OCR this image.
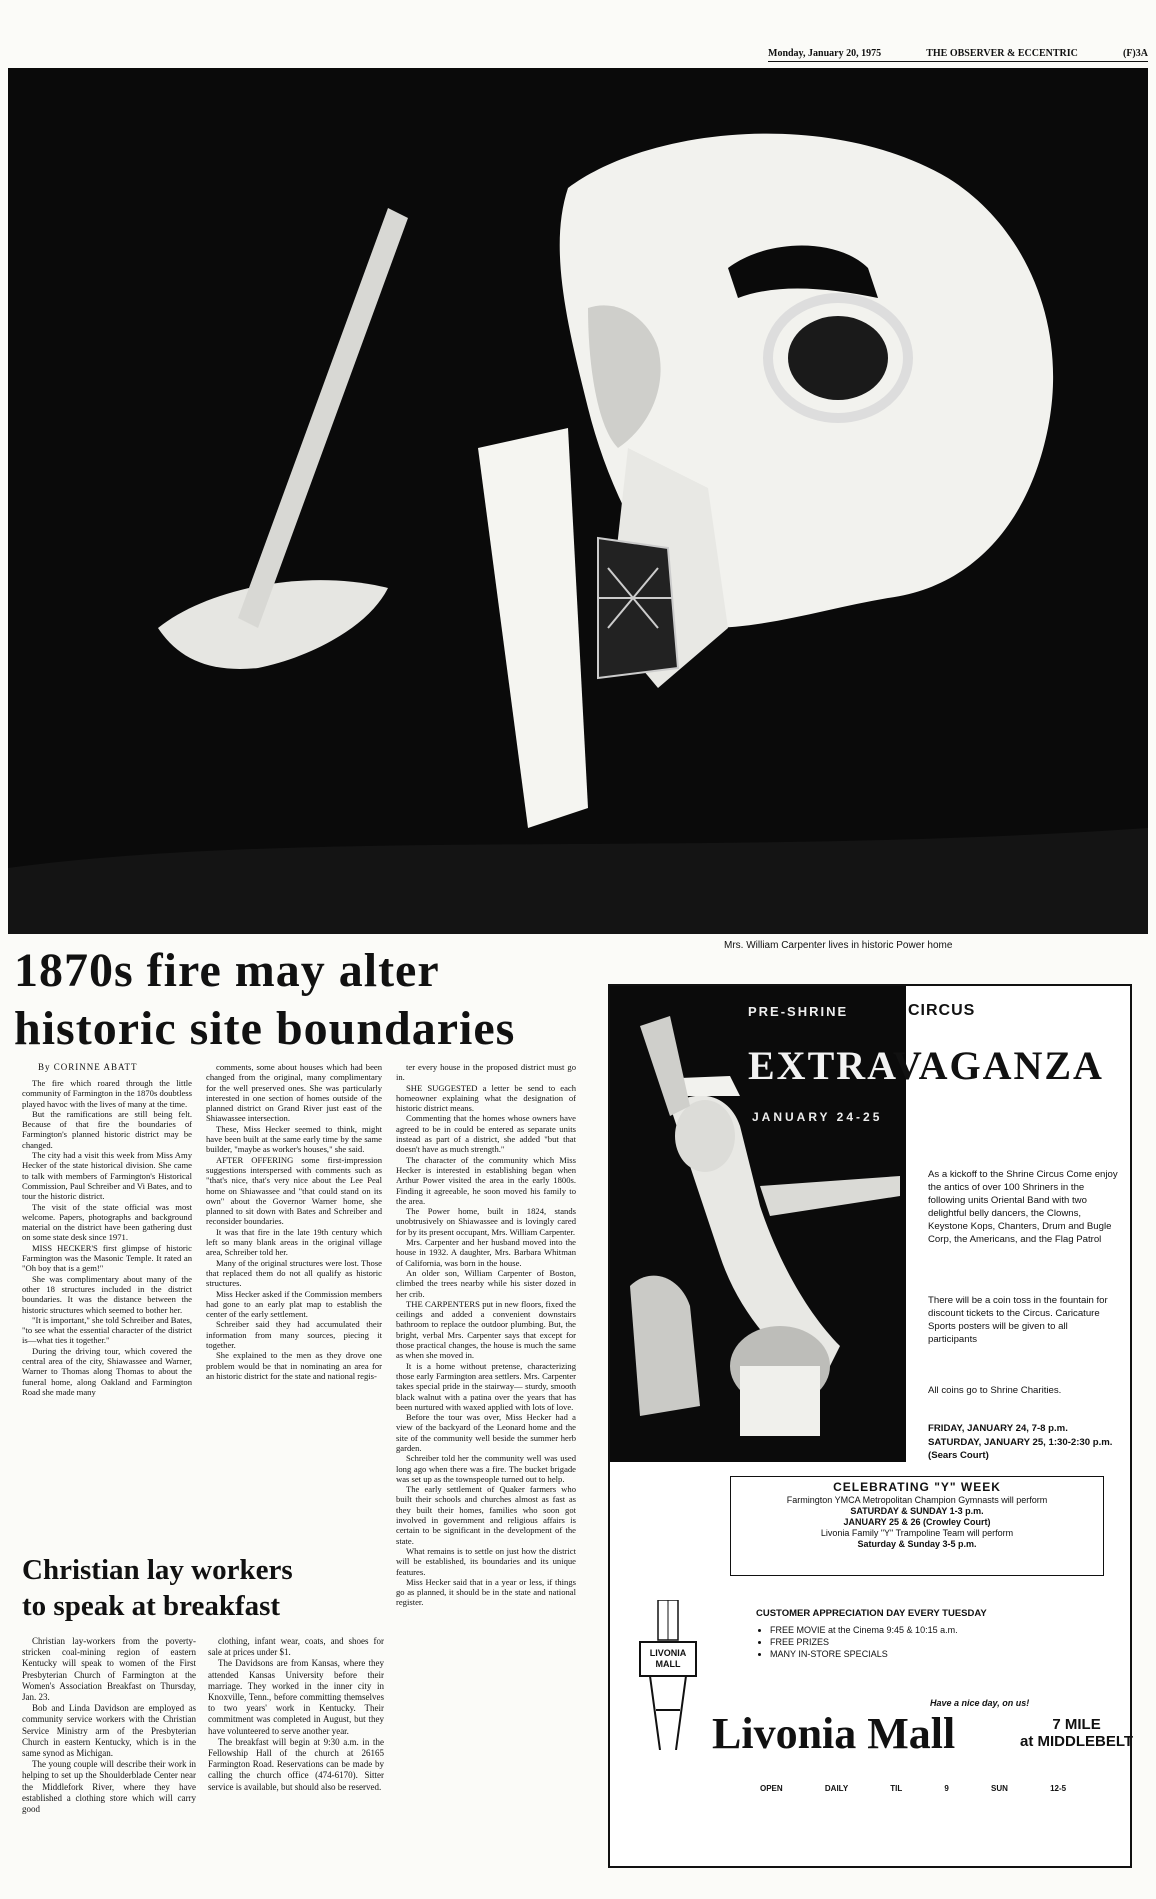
Monday, January 20, 1975	THE OBSERVER & ECCENTRIC	(F)3A
Mrs. William Carpenter lives in historic Power home
1870s fire may alter
historic site boundaries
By CORINNE ABATT

The fire which roared through the little community of Farmington in the 1870s doubtless played havoc with the lives of many at the time.

But the ramifications are still being felt. Because of that fire the boundaries of Farmington's planned historic district may be changed.

The city had a visit this week from Miss Amy Hecker of the state historical division. She came to talk with members of Farmington's Historical Commission, Paul Schreiber and Vi Bates, and to tour the historic district.

The visit of the state official was most welcome. Papers, photographs and background material on the district have been gathering dust on some state desk since 1971.

MISS HECKER'S first glimpse of historic Farmington was the Masonic Temple. It rated an "Oh boy that is a gem!"

She was complimentary about many of the other 18 structures included in the district boundaries. It was the distance between the historic structures which seemed to bother her.

"It is important," she told Schreiber and Bates, "to see what the essential character of the district is—what ties it together."

During the driving tour, which covered the central area of the city, Shiawassee and Warner, Warner to Thomas along Thomas to about the funeral home, along Oakland and Farmington Road she made many

comments, some about houses which had been changed from the original, many complimentary for the well preserved ones. She was particularly interested in one section of homes outside of the planned district on Grand River just east of the Shiawassee intersection.

These, Miss Hecker seemed to think, might have been built at the same early time by the same builder, "maybe as worker's houses," she said.

AFTER OFFERING some first-impression suggestions interspersed with comments such as "that's nice, that's very nice about the Lee Peal home on Shiawassee and "that could stand on its own" about the Governor Warner home, she planned to sit down with Bates and Schreiber and reconsider boundaries.

It was that fire in the late 19th century which left so many blank areas in the original village area, Schreiber told her.

Many of the original structures were lost. Those that replaced them do not all qualify as historic structures.

Miss Hecker asked if the Commission members had gone to an early plat map to establish the center of the early settlement.

Schreiber said they had accumulated their information from many sources, piecing it together.

She explained to the men as they drove one problem would be that in nominating an area for an historic district for the state and national regis-

ter every house in the proposed district must go in.

SHE SUGGESTED a letter be send to each homeowner explaining what the designation of historic district means.

Commenting that the homes whose owners have agreed to be in could be entered as separate units instead as part of a district, she added "but that doesn't have as much strength."

The character of the community which Miss Hecker is interested in establishing began when Arthur Power visited the area in the early 1800s. Finding it agreeable, he soon moved his family to the area.

The Power home, built in 1824, stands unobtrusively on Shiawassee and is lovingly cared for by its present occupant, Mrs. William Carpenter.

Mrs. Carpenter and her husband moved into the house in 1932. A daughter, Mrs. Barbara Whitman of California, was born in the house.

An older son, William Carpenter of Boston, climbed the trees nearby while his sister dozed in her crib.

THE CARPENTERS put in new floors, fixed the ceilings and added a convenient downstairs bathroom to replace the outdoor plumbing. But, the bright, verbal Mrs. Carpenter says that except for those practical changes, the house is much the same as when she moved in.

It is a home without pretense, characterizing those early Farmington area settlers. Mrs. Carpenter takes special pride in the stairway— sturdy, smooth black walnut with a patina over the years that has been nurtured with waxed applied with lots of love.

Before the tour was over, Miss Hecker had a view of the backyard of the Leonard home and the site of the community well beside the summer herb garden.

Schreiber told her the community well was used long ago when there was a fire. The bucket brigade was set up as the townspeople turned out to help.

The early settlement of Quaker farmers who built their schools and churches almost as fast as they built their homes, families who soon got involved in government and religious affairs is certain to be significant in the development of the state.

What remains is to settle on just how the district will be established, its boundaries and its unique features.

Miss Hecker said that in a year or less, if things go as planned, it should be in the state and national register.

Christian lay workers
to speak at breakfast

Christian lay-workers from the poverty-stricken coal-mining region of eastern Kentucky will speak to women of the First Presbyterian Church of Farmington at the Women's Association Breakfast on Thursday, Jan. 23.

Bob and Linda Davidson are employed as community service workers with the Christian Service Ministry arm of the Presbyterian Church in eastern Kentucky, which is in the same synod as Michigan.

The young couple will describe their work in helping to set up the Shoulderblade Center near the Middlefork River, where they have established a clothing store which will carry good

clothing, infant wear, coats, and shoes for sale at prices under $1.

The Davidsons are from Kansas, where they attended Kansas University before their marriage. They worked in the inner city in Knoxville, Tenn., before committing themselves to two years' work in Kentucky. Their commitment was completed in August, but they have volunteered to serve another year.

The breakfast will begin at 9:30 a.m. in the Fellowship Hall of the church at 26165 Farmington Road. Reservations can be made by calling the church office (474-6170). Sitter service is available, but should also be reserved.

PRE-SHRINE	CIRCUS
EXTRAVAGANZA
JANUARY 24-25
As a kickoff to the Shrine Circus Come enjoy the antics of over 100 Shriners in the following units Oriental Band with two delightful belly dancers, the Clowns, Keystone Kops, Chanters, Drum and Bugle Corp, the Americans, and the Flag Patrol
There will be a coin toss in the fountain for discount tickets to the Circus. Caricature Sports posters will be given to all participants
All coins go to Shrine Charities.
FRIDAY, JANUARY 24, 7-8 p.m.
SATURDAY, JANUARY 25, 1:30-2:30 p.m. (Sears Court)
CELEBRATING "Y" WEEK
Farmington YMCA Metropolitan Champion Gymnasts will perform
SATURDAY & SUNDAY 1-3 p.m.
JANUARY 25 & 26 (Crowley Court)
Livonia Family "Y" Trampoline Team will perform
Saturday & Sunday 3-5 p.m.
LIVONIA MALL
CUSTOMER APPRECIATION DAY EVERY TUESDAY
• FREE MOVIE at the Cinema 9:45 & 10:15 a.m.
• FREE PRIZES
• MANY IN-STORE SPECIALS
Have a nice day, on us!
Livonia Mall	7 MILE
at MIDDLEBELT
OPEN DAILY TIL 9 SUN 12-5
